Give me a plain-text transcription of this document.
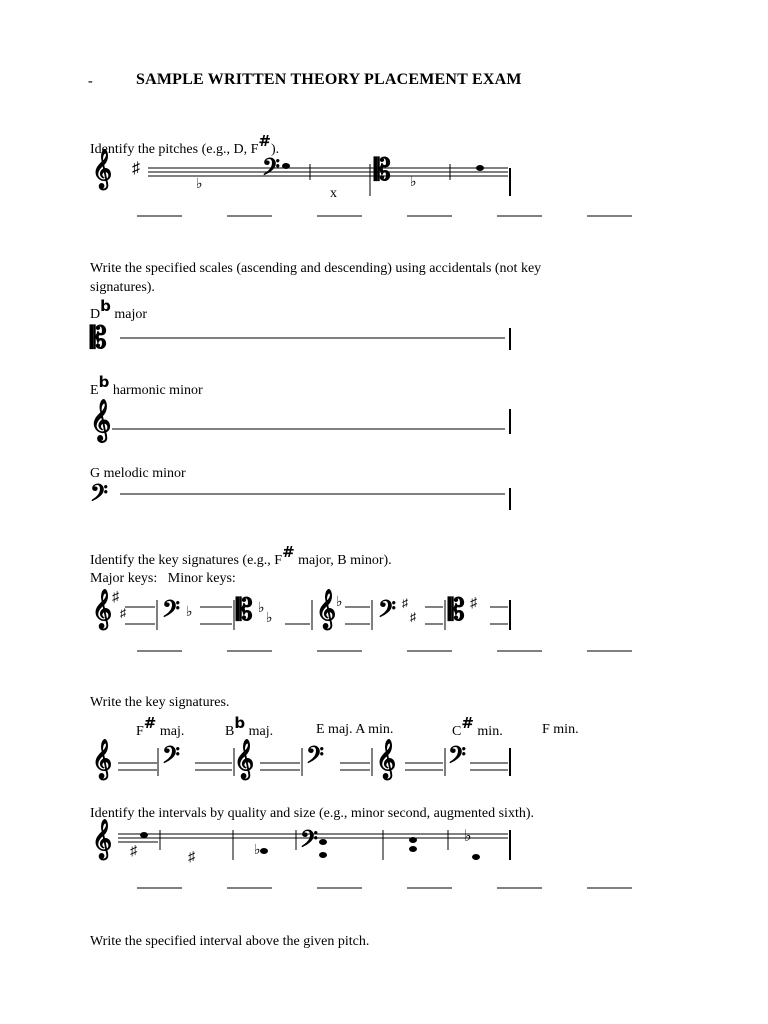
-	SAMPLE WRITTEN THEORY PLACEMENT EXAM
Identify the pitches (e.g., D, F#).
𝄞 ♯
♭ 𝄢
x
𝄡 ♭
Write the specified scales (ascending and descending) using accidentals (not key
signatures).
Db major
𝄡
Eb harmonic minor
𝄞
G melodic minor
𝄢
Identify the key signatures (e.g., F# major, B minor).
Major keys:   Minor keys:
𝄞 ♯
♯ 𝄢 ♭ 𝄡 ♭
♭ 𝄞 ♭ 𝄢 ♯
♯ 𝄡 ♯
Write the key signatures.
F# maj.	Bb maj.	E maj. A min.	C# min.	F min.
𝄞 𝄢 𝄞 𝄢 𝄞 𝄢
Identify the intervals by quality and size (e.g., minor second, augmented sixth).
𝄞 ♯	♯	♭ 𝄢	♭
Write the specified interval above the given pitch.
